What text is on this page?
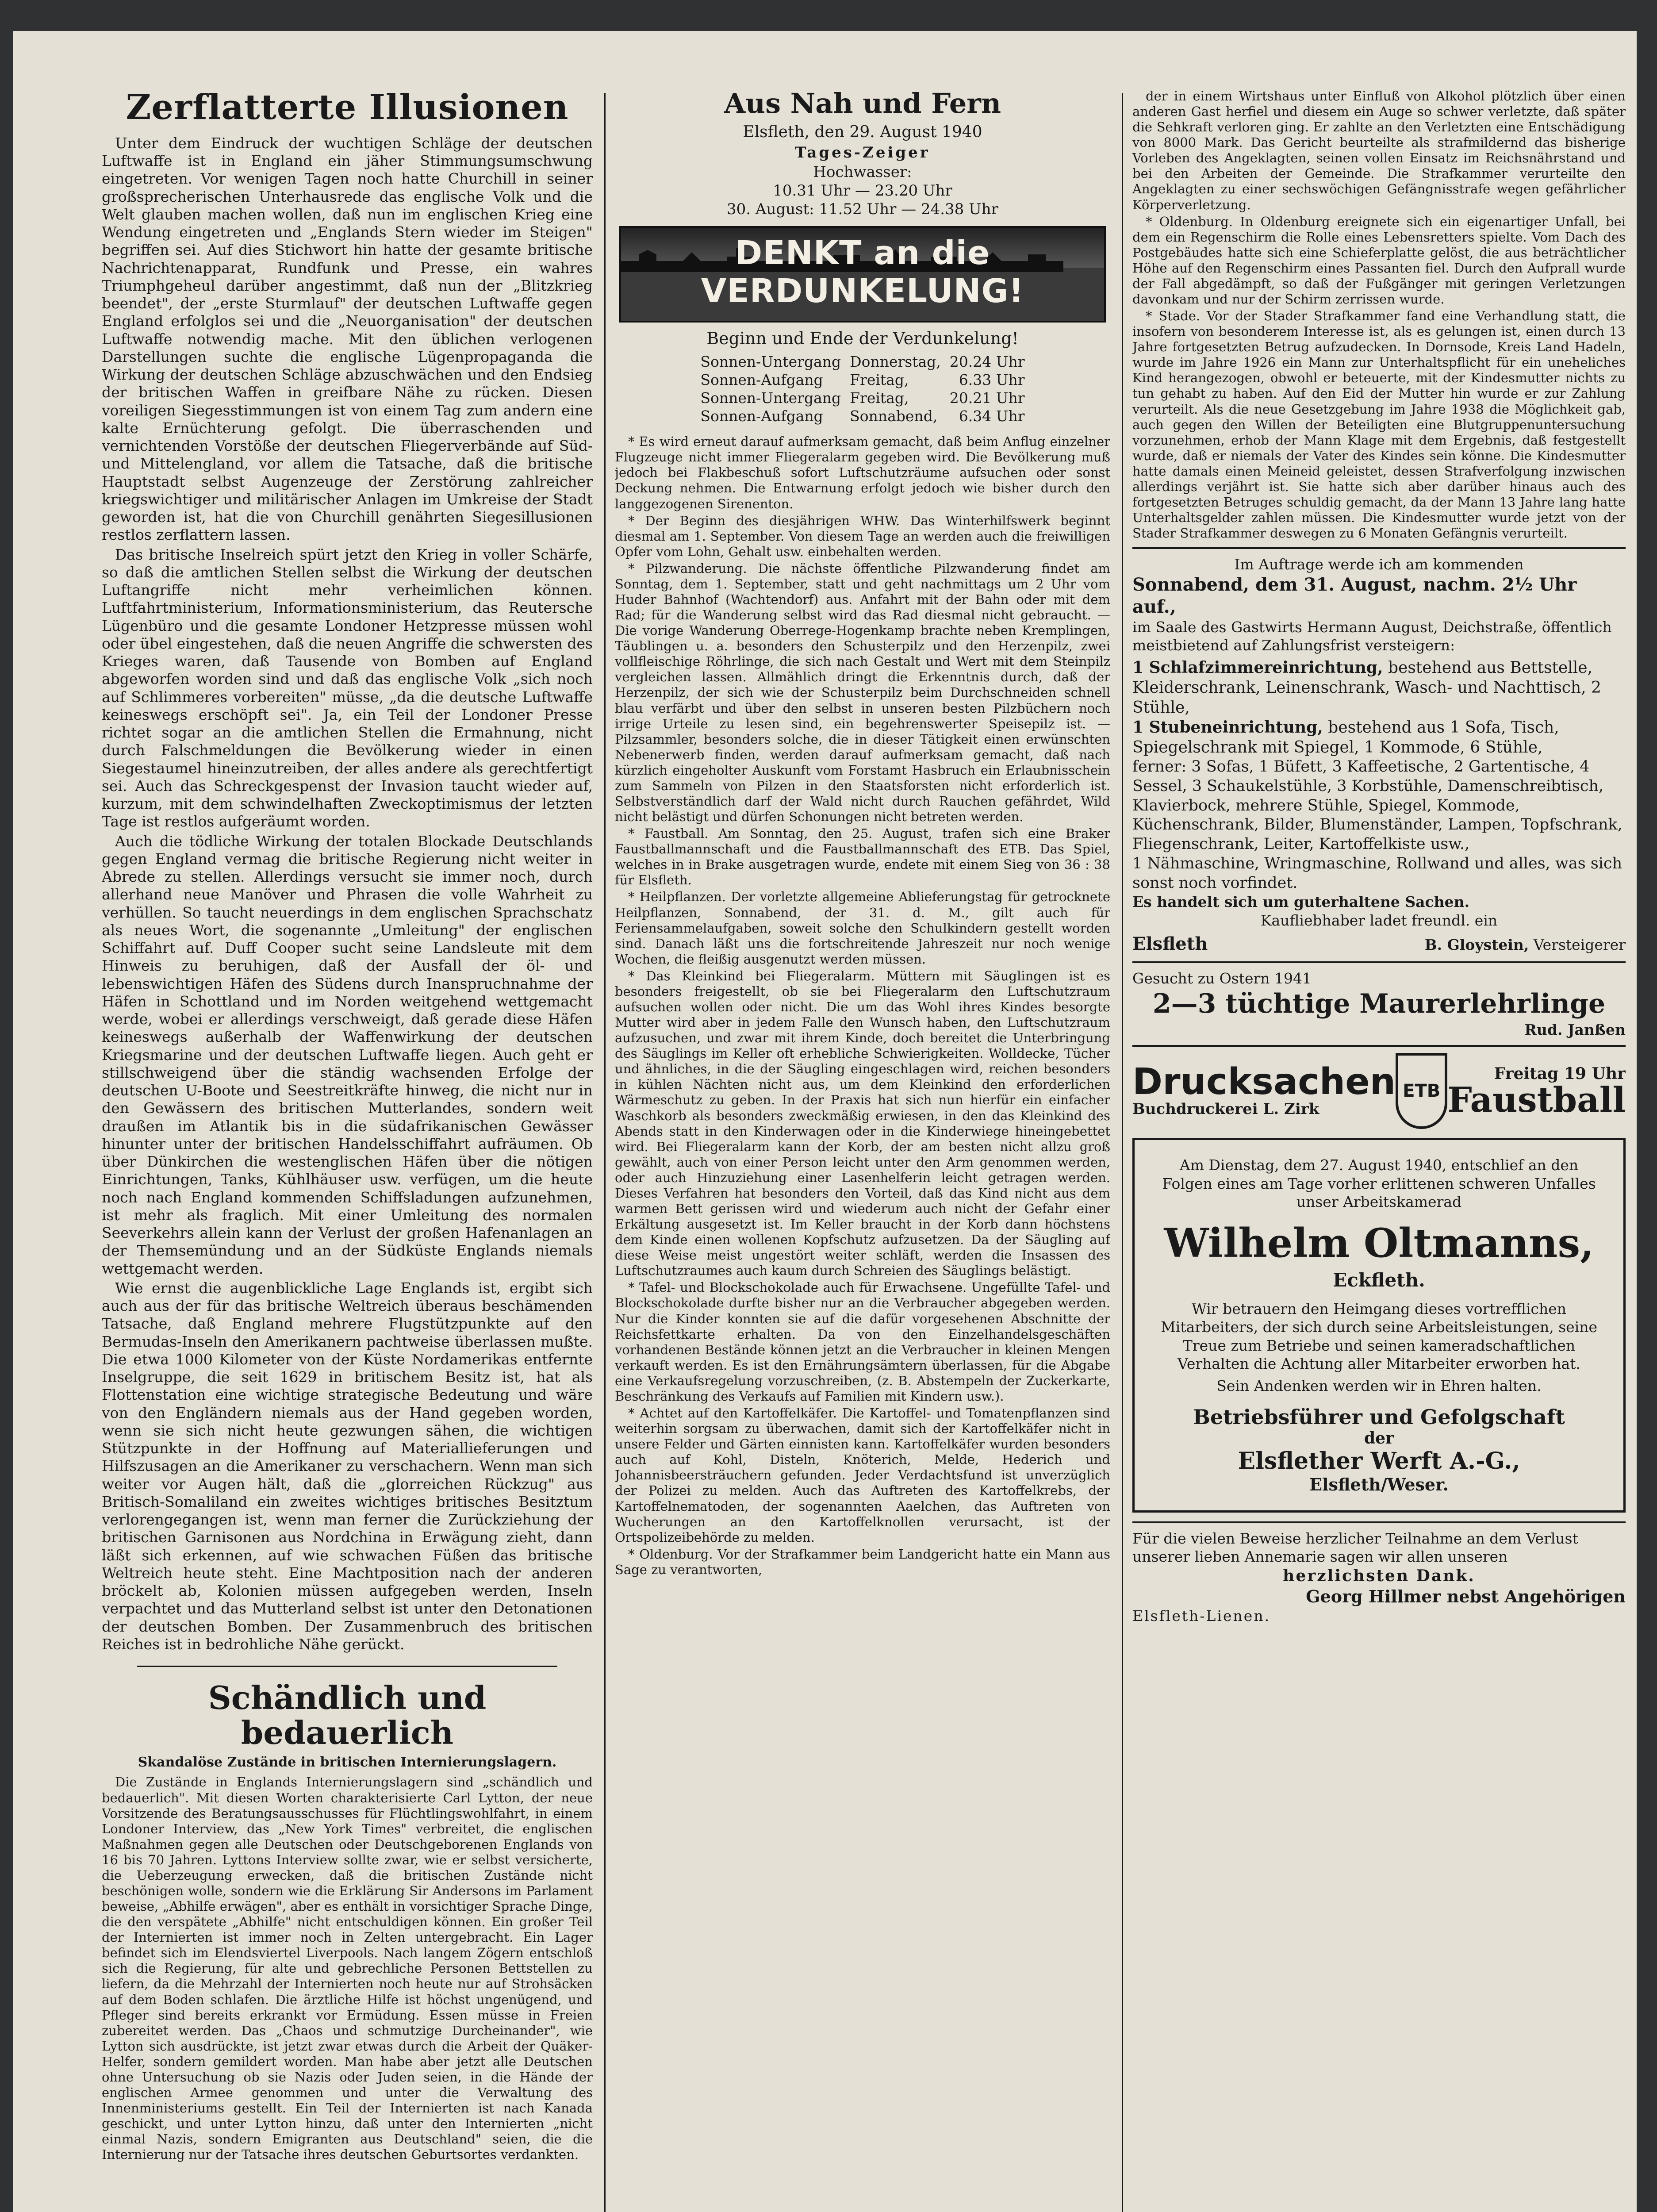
Zerflatterte Illusionen

Unter dem Eindruck der wuchtigen Schläge der deutschen Luftwaffe ist in England ein jäher Stimmungsumschwung eingetreten. Vor wenigen Tagen noch hatte Churchill in seiner großsprecherischen Unterhausrede das englische Volk und die Welt glauben machen wollen, daß nun im englischen Krieg eine Wendung eingetreten und „Englands Stern wieder im Steigen" begriffen sei. Auf dies Stichwort hin hatte der gesamte britische Nachrichtenapparat, Rundfunk und Presse, ein wahres Triumphgeheul darüber angestimmt, daß nun der „Blitzkrieg beendet", der „erste Sturmlauf" der deutschen Luftwaffe gegen England erfolglos sei und die „Neuorganisation" der deutschen Luftwaffe notwendig mache. Mit den üblichen verlogenen Darstellungen suchte die englische Lügenpropaganda die Wirkung der deutschen Schläge abzuschwächen und den Endsieg der britischen Waffen in greifbare Nähe zu rücken. Diesen voreiligen Siegesstimmungen ist von einem Tag zum andern eine kalte Ernüchterung gefolgt. Die überraschenden und vernichtenden Vorstöße der deutschen Fliegerverbände auf Süd- und Mittelengland, vor allem die Tatsache, daß die britische Hauptstadt selbst Augenzeuge der Zerstörung zahlreicher kriegswichtiger und militärischer Anlagen im Umkreise der Stadt geworden ist, hat die von Churchill genährten Siegesillusionen restlos zerflattern lassen.

Das britische Inselreich spürt jetzt den Krieg in voller Schärfe, so daß die amtlichen Stellen selbst die Wirkung der deutschen Luftangriffe nicht mehr verheimlichen können. Luftfahrtministerium, Informationsministerium, das Reutersche Lügenbüro und die gesamte Londoner Hetzpresse müssen wohl oder übel eingestehen, daß die neuen Angriffe die schwersten des Krieges waren, daß Tausende von Bomben auf England abgeworfen worden sind und daß das englische Volk „sich noch auf Schlimmeres vorbereiten" müsse, „da die deutsche Luftwaffe keineswegs erschöpft sei". Ja, ein Teil der Londoner Presse richtet sogar an die amtlichen Stellen die Ermahnung, nicht durch Falschmeldungen die Bevölkerung wieder in einen Siegestaumel hineinzutreiben, der alles andere als gerechtfertigt sei. Auch das Schreckgespenst der Invasion taucht wieder auf, kurzum, mit dem schwindelhaften Zweckoptimismus der letzten Tage ist restlos aufgeräumt worden.

Auch die tödliche Wirkung der totalen Blockade Deutschlands gegen England vermag die britische Regierung nicht weiter in Abrede zu stellen. Allerdings versucht sie immer noch, durch allerhand neue Manöver und Phrasen die volle Wahrheit zu verhüllen. So taucht neuerdings in dem englischen Sprachschatz als neues Wort, die sogenannte „Umleitung" der englischen Schiffahrt auf. Duff Cooper sucht seine Landsleute mit dem Hinweis zu beruhigen, daß der Ausfall der öl- und lebenswichtigen Häfen des Südens durch Inanspruchnahme der Häfen in Schottland und im Norden weitgehend wettgemacht werde, wobei er allerdings verschweigt, daß gerade diese Häfen keineswegs außerhalb der Waffenwirkung der deutschen Kriegsmarine und der deutschen Luftwaffe liegen. Auch geht er stillschweigend über die ständig wachsenden Erfolge der deutschen U-Boote und Seestreitkräfte hinweg, die nicht nur in den Gewässern des britischen Mutterlandes, sondern weit draußen im Atlantik bis in die südafrikanischen Gewässer hinunter unter der britischen Handelsschiffahrt aufräumen. Ob über Dünkirchen die westenglischen Häfen über die nötigen Einrichtungen, Tanks, Kühlhäuser usw. verfügen, um die heute noch nach England kommenden Schiffsladungen aufzunehmen, ist mehr als fraglich. Mit einer Umleitung des normalen Seeverkehrs allein kann der Verlust der großen Hafenanlagen an der Themsemündung und an der Südküste Englands niemals wettgemacht werden.

Wie ernst die augenblickliche Lage Englands ist, ergibt sich auch aus der für das britische Weltreich überaus beschämenden Tatsache, daß England mehrere Flugstützpunkte auf den Bermudas-Inseln den Amerikanern pachtweise überlassen mußte. Die etwa 1000 Kilometer von der Küste Nordamerikas entfernte Inselgruppe, die seit 1629 in britischem Besitz ist, hat als Flottenstation eine wichtige strategische Bedeutung und wäre von den Engländern niemals aus der Hand gegeben worden, wenn sie sich nicht heute gezwungen sähen, die wichtigen Stützpunkte in der Hoffnung auf Materiallieferungen und Hilfszusagen an die Amerikaner zu verschachern. Wenn man sich weiter vor Augen hält, daß die „glorreichen Rückzug" aus Britisch-Somaliland ein zweites wichtiges britisches Besitztum verlorengegangen ist, wenn man ferner die Zurückziehung der britischen Garnisonen aus Nordchina in Erwägung zieht, dann läßt sich erkennen, auf wie schwachen Füßen das britische Weltreich heute steht. Eine Machtposition nach der anderen bröckelt ab, Kolonien müssen aufgegeben werden, Inseln verpachtet und das Mutterland selbst ist unter den Detonationen der deutschen Bomben. Der Zusammenbruch des britischen Reiches ist in bedrohliche Nähe gerückt.

Schändlich und bedauerlich
Skandalöse Zustände in britischen Internierungslagern.

Die Zustände in Englands Internierungslagern sind „schändlich und bedauerlich". Mit diesen Worten charakterisierte Carl Lytton, der neue Vorsitzende des Beratungsausschusses für Flüchtlingswohlfahrt, in einem Londoner Interview, das „New York Times" verbreitet, die englischen Maßnahmen gegen alle Deutschen oder Deutschgeborenen Englands von 16 bis 70 Jahren. Lyttons Interview sollte zwar, wie er selbst versicherte, die Ueberzeugung erwecken, daß die britischen Zustände nicht beschönigen wolle, sondern wie die Erklärung Sir Andersons im Parlament beweise, „Abhilfe erwägen", aber es enthält in vorsichtiger Sprache Dinge, die den verspätete „Abhilfe" nicht entschuldigen können. Ein großer Teil der Internierten ist immer noch in Zelten untergebracht. Ein Lager befindet sich im Elendsviertel Liverpools. Nach langem Zögern entschloß sich die Regierung, für alte und gebrechliche Personen Bettstellen zu liefern, da die Mehrzahl der Internierten noch heute nur auf Strohsäcken auf dem Boden schlafen. Die ärztliche Hilfe ist höchst ungenügend, und Pfleger sind bereits erkrankt vor Ermüdung. Essen müsse in Freien zubereitet werden. Das „Chaos und schmutzige Durcheinander", wie Lytton sich ausdrückte, ist jetzt zwar etwas durch die Arbeit der Quäker-Helfer, sondern gemildert worden. Man habe aber jetzt alle Deutschen ohne Untersuchung ob sie Nazis oder Juden seien, in die Hände der englischen Armee genommen und unter die Verwaltung des Innenministeriums gestellt. Ein Teil der Internierten ist nach Kanada geschickt, und unter Lytton hinzu, daß unter den Internierten „nicht einmal Nazis, sondern Emigranten aus Deutschland" seien, die die Internierung nur der Tatsache ihres deutschen Geburtsortes verdankten.

Aus Nah und Fern
Elsfleth, den 29. August 1940
Tages-Zeiger
Hochwasser:
10.31 Uhr — 23.20 Uhr
30. August: 11.52 Uhr — 24.38 Uhr
DENKT an die VERDUNKELUNG!
Beginn und Ende der Verdunkelung!
Sonnen-Untergang	Donnerstag,	20.24 Uhr
Sonnen-Aufgang	Freitag,	6.33 Uhr
Sonnen-Untergang	Freitag,	20.21 Uhr
Sonnen-Aufgang	Sonnabend,	6.34 Uhr

* Es wird erneut darauf aufmerksam gemacht, daß beim Anflug einzelner Flugzeuge nicht immer Fliegeralarm gegeben wird. Die Bevölkerung muß jedoch bei Flakbeschuß sofort Luftschutzräume aufsuchen oder sonst Deckung nehmen. Die Entwarnung erfolgt jedoch wie bisher durch den langgezogenen Sirenenton.

* Der Beginn des diesjährigen WHW. Das Winterhilfswerk beginnt diesmal am 1. September. Von diesem Tage an werden auch die freiwilligen Opfer vom Lohn, Gehalt usw. einbehalten werden.

* Pilzwanderung. Die nächste öffentliche Pilzwanderung findet am Sonntag, dem 1. September, statt und geht nachmittags um 2 Uhr vom Huder Bahnhof (Wachtendorf) aus. Anfahrt mit der Bahn oder mit dem Rad; für die Wanderung selbst wird das Rad diesmal nicht gebraucht. — Die vorige Wanderung Oberrege-Hogenkamp brachte neben Kremplingen, Täublingen u. a. besonders den Schusterpilz und den Herzenpilz, zwei vollfleischige Röhrlinge, die sich nach Gestalt und Wert mit dem Steinpilz vergleichen lassen. Allmählich dringt die Erkenntnis durch, daß der Herzenpilz, der sich wie der Schusterpilz beim Durchschneiden schnell blau verfärbt und über den selbst in unseren besten Pilzbüchern noch irrige Urteile zu lesen sind, ein begehrenswerter Speisepilz ist. — Pilzsammler, besonders solche, die in dieser Tätigkeit einen erwünschten Nebenerwerb finden, werden darauf aufmerksam gemacht, daß nach kürzlich eingeholter Auskunft vom Forstamt Hasbruch ein Erlaubnisschein zum Sammeln von Pilzen in den Staatsforsten nicht erforderlich ist. Selbstverständlich darf der Wald nicht durch Rauchen gefährdet, Wild nicht belästigt und dürfen Schonungen nicht betreten werden.

* Faustball. Am Sonntag, den 25. August, trafen sich eine Braker Faustballmannschaft und die Faustballmannschaft des ETB. Das Spiel, welches in in Brake ausgetragen wurde, endete mit einem Sieg von 36 : 38 für Elsfleth.

* Heilpflanzen. Der vorletzte allgemeine Ablieferungstag für getrocknete Heilpflanzen, Sonnabend, der 31. d. M., gilt auch für Feriensammelaufgaben, soweit solche den Schulkindern gestellt worden sind. Danach läßt uns die fortschreitende Jahreszeit nur noch wenige Wochen, die fleißig ausgenutzt werden müssen.

* Das Kleinkind bei Fliegeralarm. Müttern mit Säuglingen ist es besonders freigestellt, ob sie bei Fliegeralarm den Luftschutzraum aufsuchen wollen oder nicht. Die um das Wohl ihres Kindes besorgte Mutter wird aber in jedem Falle den Wunsch haben, den Luftschutzraum aufzusuchen, und zwar mit ihrem Kinde, doch bereitet die Unterbringung des Säuglings im Keller oft erhebliche Schwierigkeiten. Wolldecke, Tücher und ähnliches, in die der Säugling eingeschlagen wird, reichen besonders in kühlen Nächten nicht aus, um dem Kleinkind den erforderlichen Wärmeschutz zu geben. In der Praxis hat sich nun hierfür ein einfacher Waschkorb als besonders zweckmäßig erwiesen, in den das Kleinkind des Abends statt in den Kinderwagen oder in die Kinderwiege hineingebettet wird. Bei Fliegeralarm kann der Korb, der am besten nicht allzu groß gewählt, auch von einer Person leicht unter den Arm genommen werden, oder auch Hinzuziehung einer Lasenhelferin leicht getragen werden. Dieses Verfahren hat besonders den Vorteil, daß das Kind nicht aus dem warmen Bett gerissen wird und wiederum auch nicht der Gefahr einer Erkältung ausgesetzt ist. Im Keller braucht in der Korb dann höchstens dem Kinde einen wollenen Kopfschutz aufzusetzen. Da der Säugling auf diese Weise meist ungestört weiter schläft, werden die Insassen des Luftschutzraumes auch kaum durch Schreien des Säuglings belästigt.

* Tafel- und Blockschokolade auch für Erwachsene. Ungefüllte Tafel- und Blockschokolade durfte bisher nur an die Verbraucher abgegeben werden. Nur die Kinder konnten sie auf die dafür vorgesehenen Abschnitte der Reichsfettkarte erhalten. Da von den Einzelhandelsgeschäften vorhandenen Bestände können jetzt an die Verbraucher in kleinen Mengen verkauft werden. Es ist den Ernährungsämtern überlassen, für die Abgabe eine Verkaufsregelung vorzuschreiben, (z. B. Abstempeln der Zuckerkarte, Beschränkung des Verkaufs auf Familien mit Kindern usw.).

* Achtet auf den Kartoffelkäfer. Die Kartoffel- und Tomatenpflanzen sind weiterhin sorgsam zu überwachen, damit sich der Kartoffelkäfer nicht in unsere Felder und Gärten einnisten kann. Kartoffelkäfer wurden besonders auch auf Kohl, Disteln, Knöterich, Melde, Hederich und Johannisbeersträuchern gefunden. Jeder Verdachtsfund ist unverzüglich der Polizei zu melden. Auch das Auftreten des Kartoffelkrebs, der Kartoffelnematoden, der sogenannten Aaelchen, das Auftreten von Wucherungen an den Kartoffelknollen verursacht, ist der Ortspolizeibehörde zu melden.

* Oldenburg. Vor der Strafkammer beim Landgericht hatte ein Mann aus Sage zu verantworten,

der in einem Wirtshaus unter Einfluß von Alkohol plötzlich über einen anderen Gast herfiel und diesem ein Auge so schwer verletzte, daß später die Sehkraft verloren ging. Er zahlte an den Verletzten eine Entschädigung von 8000 Mark. Das Gericht beurteilte als strafmildernd das bisherige Vorleben des Angeklagten, seinen vollen Einsatz im Reichsnährstand und bei den Arbeiten der Gemeinde. Die Strafkammer verurteilte den Angeklagten zu einer sechswöchigen Gefängnisstrafe wegen gefährlicher Körperverletzung.

* Oldenburg. In Oldenburg ereignete sich ein eigenartiger Unfall, bei dem ein Regenschirm die Rolle eines Lebensretters spielte. Vom Dach des Postgebäudes hatte sich eine Schieferplatte gelöst, die aus beträchtlicher Höhe auf den Regenschirm eines Passanten fiel. Durch den Aufprall wurde der Fall abgedämpft, so daß der Fußgänger mit geringen Verletzungen davonkam und nur der Schirm zerrissen wurde.

* Stade. Vor der Stader Strafkammer fand eine Verhandlung statt, die insofern von besonderem Interesse ist, als es gelungen ist, einen durch 13 Jahre fortgesetzten Betrug aufzudecken. In Dornsode, Kreis Land Hadeln, wurde im Jahre 1926 ein Mann zur Unterhaltspflicht für ein uneheliches Kind herangezogen, obwohl er beteuerte, mit der Kindesmutter nichts zu tun gehabt zu haben. Auf den Eid der Mutter hin wurde er zur Zahlung verurteilt. Als die neue Gesetzgebung im Jahre 1938 die Möglichkeit gab, auch gegen den Willen der Beteiligten eine Blutgruppenuntersuchung vorzunehmen, erhob der Mann Klage mit dem Ergebnis, daß festgestellt wurde, daß er niemals der Vater des Kindes sein könne. Die Kindesmutter hatte damals einen Meineid geleistet, dessen Strafverfolgung inzwischen allerdings verjährt ist. Sie hatte sich aber darüber hinaus auch des fortgesetzten Betruges schuldig gemacht, da der Mann 13 Jahre lang hatte Unterhaltsgelder zahlen müssen. Die Kindesmutter wurde jetzt von der Stader Strafkammer deswegen zu 6 Monaten Gefängnis verurteilt.

Im Auftrage werde ich am kommenden
Sonnabend, dem 31. August, nachm. 2½ Uhr auf.,
im Saale des Gastwirts Hermann August, Deichstraße, öffentlich meistbietend auf Zahlungsfrist versteigern:
1 Schlafzimmereinrichtung, bestehend aus Bettstelle, Kleiderschrank, Leinenschrank, Wasch- und Nachttisch, 2 Stühle,
1 Stubeneinrichtung, bestehend aus 1 Sofa, Tisch, Spiegelschrank mit Spiegel, 1 Kommode, 6 Stühle,
ferner: 3 Sofas, 1 Büfett, 3 Kaffeetische, 2 Gartentische, 4 Sessel, 3 Schaukelstühle, 3 Korbstühle, Damenschreibtisch, Klavierbock, mehrere Stühle, Spiegel, Kommode, Küchenschrank, Bilder, Blumenständer, Lampen, Topfschrank, Fliegenschrank, Leiter, Kartoffelkiste usw.,
1 Nähmaschine, Wringmaschine, Rollwand und alles, was sich sonst noch vorfindet.
Es handelt sich um guterhaltene Sachen.
Kaufliebhaber ladet freundl. ein
Elsfleth	B. Gloystein, Versteigerer
Gesucht zu Ostern 1941
2—3 tüchtige Maurerlehrlinge
Rud. Janßen
Drucksachen
Buchdruckerei L. Zirk
ETB
Freitag 19 Uhr
Faustball
Am Dienstag, dem 27. August 1940, entschlief an den Folgen eines am Tage vorher erlittenen schweren Unfalles unser Arbeitskamerad
Wilhelm Oltmanns,
Eckfleth.
Wir betrauern den Heimgang dieses vortrefflichen Mitarbeiters, der sich durch seine Arbeitsleistungen, seine Treue zum Betriebe und seinen kameradschaftlichen Verhalten die Achtung aller Mitarbeiter erworben hat.
Sein Andenken werden wir in Ehren halten.
Betriebsführer und Gefolgschaft
der
Elsflether Werft A.-G.,
Elsfleth/Weser.
Für die vielen Beweise herzlicher Teilnahme an dem Verlust unserer lieben Annemarie sagen wir allen unseren
herzlichsten Dank.
Georg Hillmer nebst Angehörigen
Elsfleth-Lienen.
